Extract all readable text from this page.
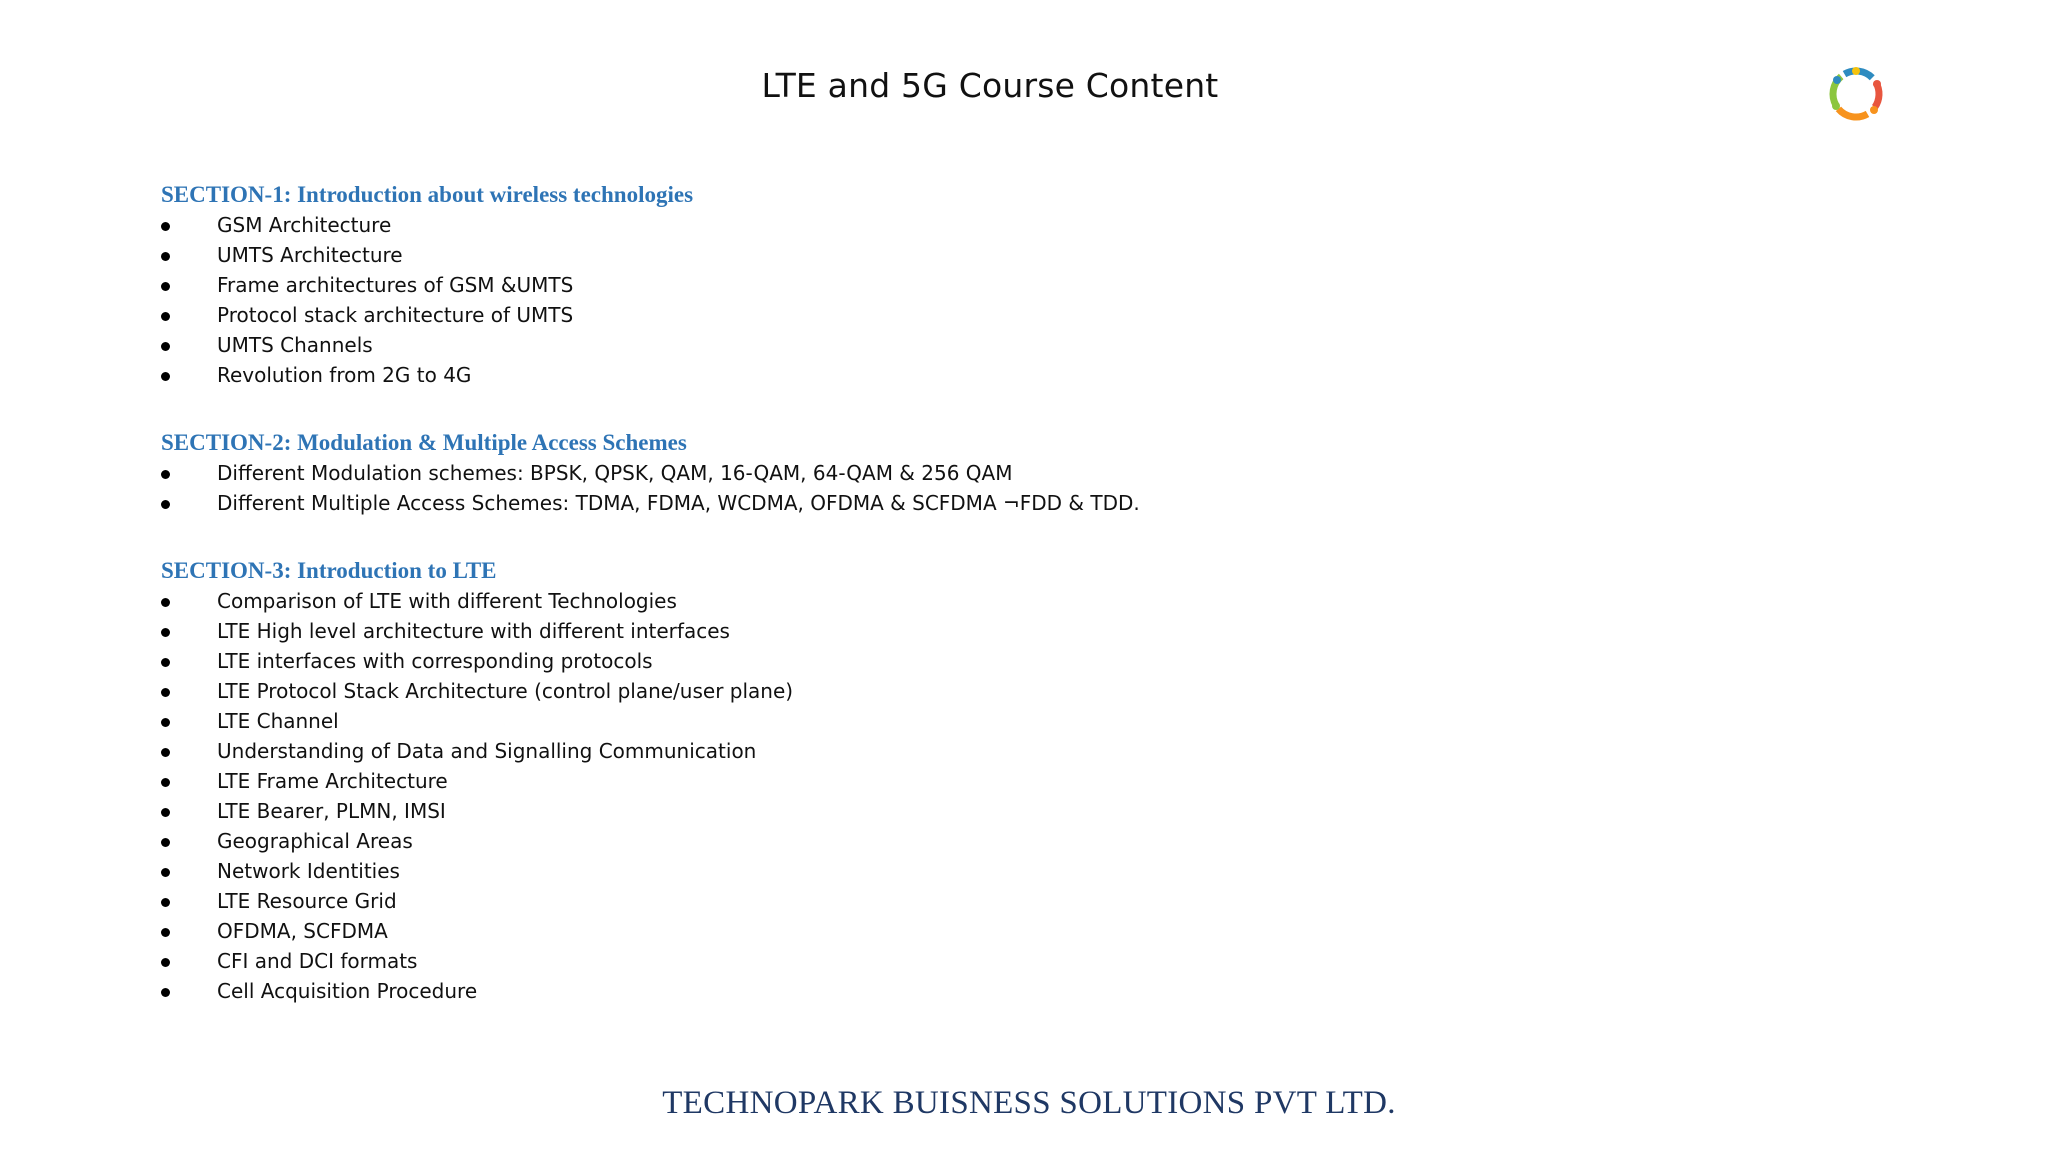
LTE and 5G Course Content
SECTION-1: Introduction about wireless technologies
GSM Architecture
UMTS Architecture
Frame architectures of GSM &UMTS
Protocol stack architecture of UMTS
UMTS Channels
Revolution from 2G to 4G
SECTION-2: Modulation & Multiple Access Schemes
Different Modulation schemes: BPSK, QPSK, QAM, 16-QAM, 64-QAM & 256 QAM
Different Multiple Access Schemes: TDMA, FDMA, WCDMA, OFDMA & SCFDMA ¬FDD & TDD.
SECTION-3: Introduction to LTE
Comparison of LTE with different Technologies
LTE High level architecture with different interfaces
LTE interfaces with corresponding protocols
LTE Protocol Stack Architecture (control plane/user plane)
LTE Channel
Understanding of Data and Signalling Communication
LTE Frame Architecture
LTE Bearer, PLMN, IMSI
Geographical Areas
Network Identities
LTE Resource Grid
OFDMA, SCFDMA
CFI and DCI formats
Cell Acquisition Procedure
TECHNOPARK BUISNESS SOLUTIONS PVT LTD.
